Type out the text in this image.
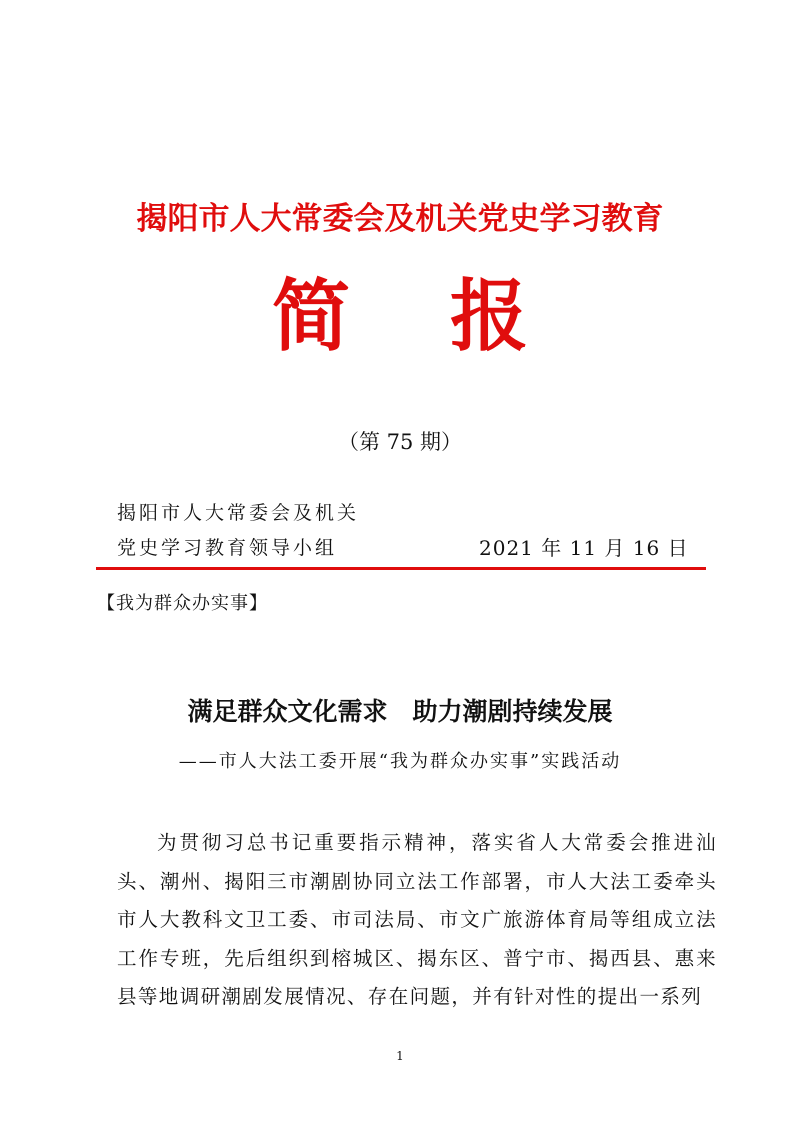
揭阳市人大常委会及机关党史学习教育
简 报
（第 75 期）
揭阳市人大常委会及机关
党史学习教育领导小组	2021 年 11 月 16 日
【我为群众办实事】
满足群众文化需求　助力潮剧持续发展
——市人大法工委开展“我为群众办实事”实践活动
为贯彻习总书记重要指示精神，落实省人大常委会推进汕头、潮州、揭阳三市潮剧协同立法工作部署，市人大法工委牵头市人大教科文卫工委、市司法局、市文广旅游体育局等组成立法工作专班，先后组织到榕城区、揭东区、普宁市、揭西县、惠来县等地调研潮剧发展情况、存在问题，并有针对性的提出一系列
1
